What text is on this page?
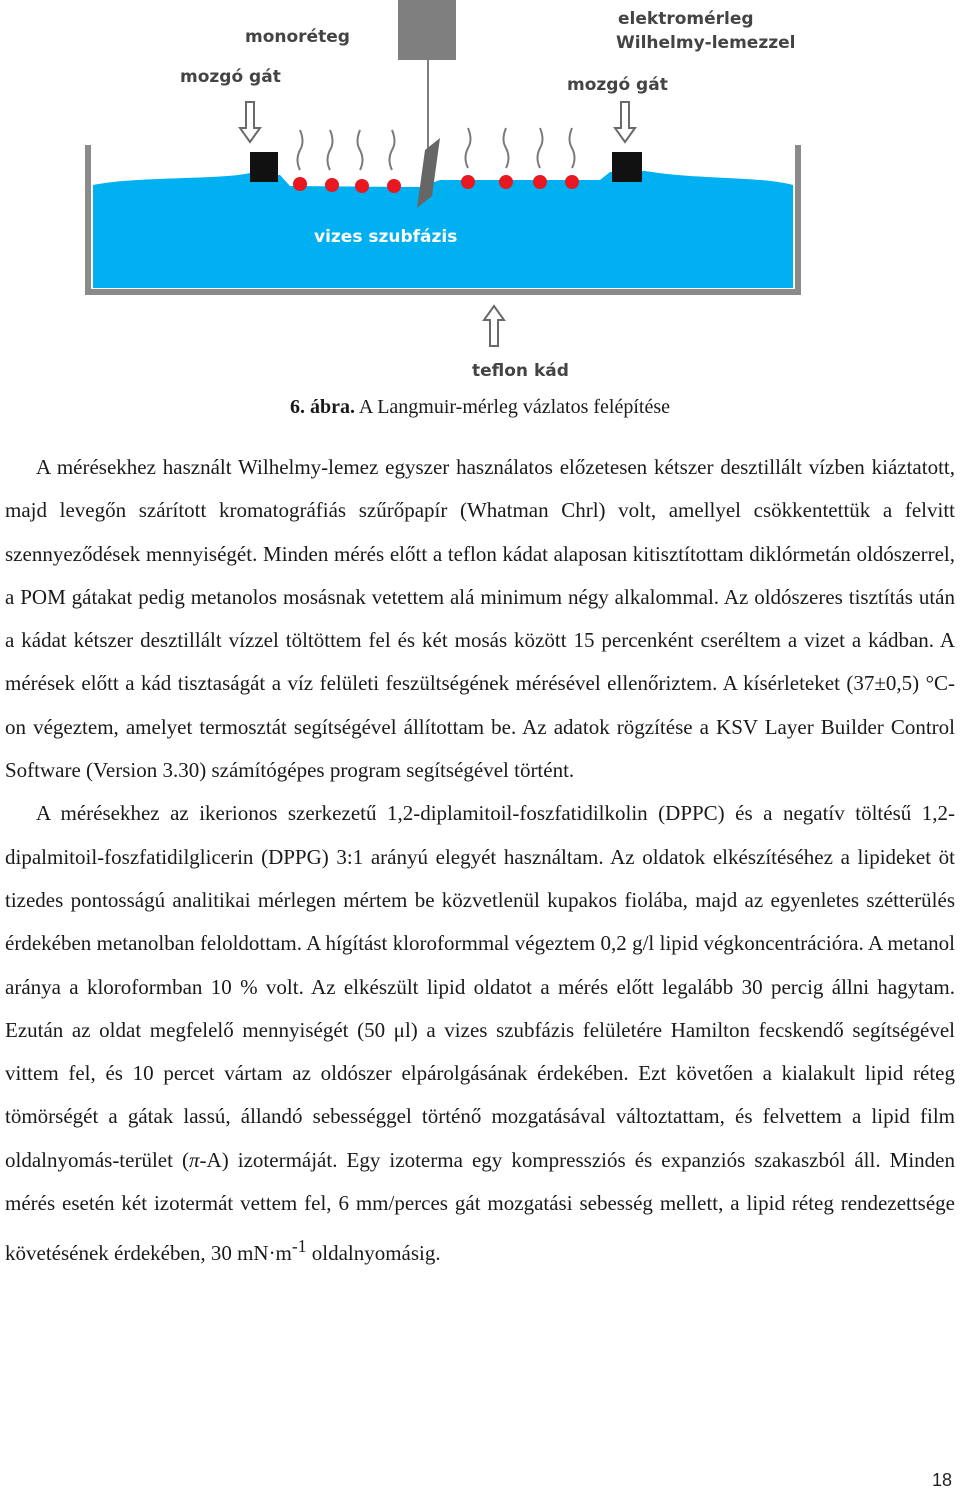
vizes szubfázis
monoréteg
mozgó gát
elektromérleg
Wilhelmy-lemezzel
mozgó gát
teflon kád
6. ábra. A Langmuir-mérleg vázlatos felépítése

A mérésekhez használt Wilhelmy-lemez egyszer használatos előzetesen kétszer desztillált vízben kiáztatott, majd levegőn szárított kromatográfiás szűrőpapír (Whatman Chrl) volt, amellyel csökkentettük a felvitt szennyeződések mennyiségét. Minden mérés előtt a teflon kádat alaposan kitisztítottam diklórmetán oldószerrel, a POM gátakat pedig metanolos mosásnak vetettem alá minimum négy alkalommal. Az oldószeres tisztítás után a kádat kétszer desztillált vízzel töltöttem fel és két mosás között 15 percenként cseréltem a vizet a kádban. A mérések előtt a kád tisztaságát a víz felületi feszültségének mérésével ellenőriztem. A kísérleteket (37±0,5) °C-on végeztem, amelyet termosztát segítségével állítottam be. Az adatok rögzítése a KSV Layer Builder Control Software (Version 3.30) számítógépes program segítségével történt.

A mérésekhez az ikerionos szerkezetű 1,2-diplamitoil-foszfatidilkolin (DPPC) és a negatív töltésű 1,2-dipalmitoil-foszfatidilglicerin (DPPG) 3:1 arányú elegyét használtam. Az oldatok elkészítéséhez a lipideket öt tizedes pontosságú analitikai mérlegen mértem be közvetlenül kupakos fiolába, majd az egyenletes szétterülés érdekében metanolban feloldottam. A hígítást kloroformmal végeztem 0,2 g/l lipid végkoncentrációra. A metanol aránya a kloroformban 10 % volt. Az elkészült lipid oldatot a mérés előtt legalább 30 percig állni hagytam. Ezután az oldat megfelelő mennyiségét (50 μl) a vizes szubfázis felületére Hamilton fecskendő segítségével vittem fel, és 10 percet vártam az oldószer elpárolgásának érdekében. Ezt követően a kialakult lipid réteg tömörségét a gátak lassú, állandó sebességgel történő mozgatásával változtattam, és felvettem a lipid film oldalnyomás-terület (π-A) izotermáját. Egy izoterma egy kompressziós és expanziós szakaszból áll. Minden mérés esetén két izotermát vettem fel, 6 mm/perces gát mozgatási sebesség mellett, a lipid réteg rendezettsége követésének érdekében, 30 $mN\cdot m^{-1}$ oldalnyomásig.

18
